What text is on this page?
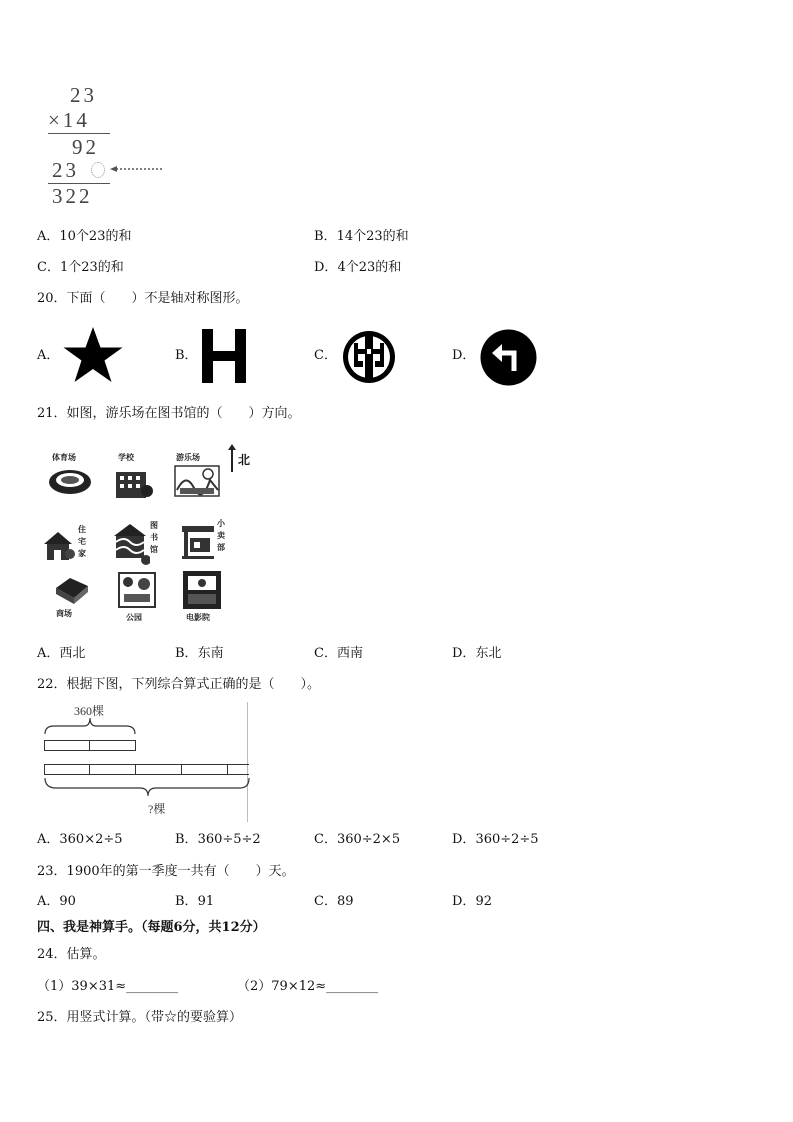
23
×14
92
23
322
A．10个23的和	B．14个23的和
C．1个23的和	D．4个23的和
20．下面（　　）不是轴对称图形。
A．	B．	C．	D．
21．如图，游乐场在图书馆的（　　）方向。
北
体育场	学校	游乐场
住宅家
图书馆
小卖部
商场	公园	电影院
A．西北	B．东南	C．西南	D．东北
22．根据下图，下列综合算式正确的是（　　）。
360棵
?棵
A．360×2÷5	B．360÷5÷2	C．360÷2×5	D．360÷2÷5
23．1900年的第一季度一共有（　　）天。
A．90	B．91	C．89	D．92
四、我是神算手。（每题6分，共12分）
24．估算。
（1）39×31≈________	（2）79×12≈________
25．用竖式计算。（带☆的要验算）
